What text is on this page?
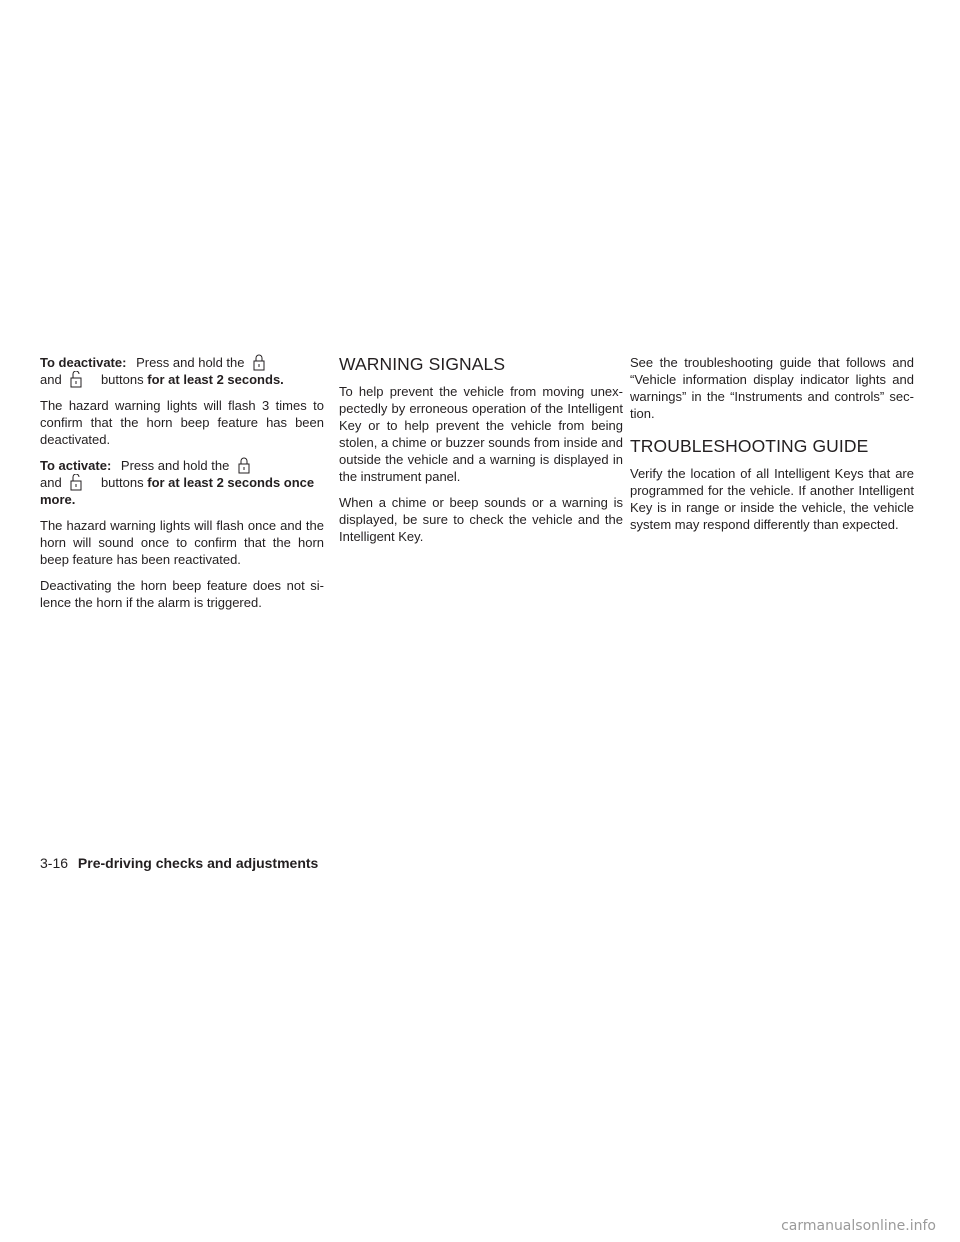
To deactivate: Press and hold the

and	buttons for at least 2 seconds.

The hazard warning lights will flash 3 times to confirm that the horn beep feature has been deactivated.

To activate: Press and hold the

and	buttons for at least 2 seconds once more.

The hazard warning lights will flash once and the horn will sound once to confirm that the horn beep feature has been reactivated.

Deactivating the horn beep feature does not si- lence the horn if the alarm is triggered.

WARNING SIGNALS

To help prevent the vehicle from moving unex- pectedly by erroneous operation of the Intelligent Key or to help prevent the vehicle from being stolen, a chime or buzzer sounds from inside and outside the vehicle and a warning is displayed in the instrument panel.

When a chime or beep sounds or a warning is displayed, be sure to check the vehicle and the Intelligent Key.

See the troubleshooting guide that follows and “Vehicle information display indicator lights and warnings” in the “Instruments and controls” sec- tion.

TROUBLESHOOTING GUIDE

Verify the location of all Intelligent Keys that are programmed for the vehicle. If another Intelligent Key is in range or inside the vehicle, the vehicle system may respond differently than expected.

3-16 Pre-driving checks and adjustments
carmanualsonline.info
